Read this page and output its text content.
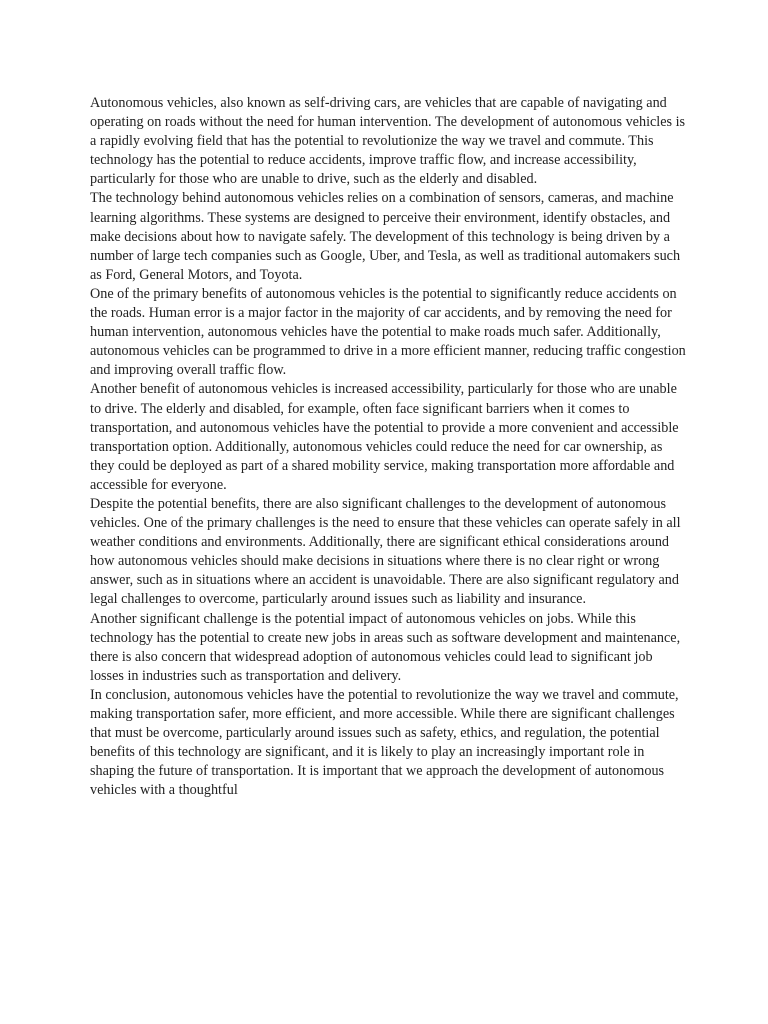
Autonomous vehicles, also known as self-driving cars, are vehicles that are capable of navigating and operating on roads without the need for human intervention. The development of autonomous vehicles is a rapidly evolving field that has the potential to revolutionize the way we travel and commute. This technology has the potential to reduce accidents, improve traffic flow, and increase accessibility, particularly for those who are unable to drive, such as the elderly and disabled.

The technology behind autonomous vehicles relies on a combination of sensors, cameras, and machine learning algorithms. These systems are designed to perceive their environment, identify obstacles, and make decisions about how to navigate safely. The development of this technology is being driven by a number of large tech companies such as Google, Uber, and Tesla, as well as traditional automakers such as Ford, General Motors, and Toyota.

One of the primary benefits of autonomous vehicles is the potential to significantly reduce accidents on the roads. Human error is a major factor in the majority of car accidents, and by removing the need for human intervention, autonomous vehicles have the potential to make roads much safer. Additionally, autonomous vehicles can be programmed to drive in a more efficient manner, reducing traffic congestion and improving overall traffic flow.

Another benefit of autonomous vehicles is increased accessibility, particularly for those who are unable to drive. The elderly and disabled, for example, often face significant barriers when it comes to transportation, and autonomous vehicles have the potential to provide a more convenient and accessible transportation option. Additionally, autonomous vehicles could reduce the need for car ownership, as they could be deployed as part of a shared mobility service, making transportation more affordable and accessible for everyone.

Despite the potential benefits, there are also significant challenges to the development of autonomous vehicles. One of the primary challenges is the need to ensure that these vehicles can operate safely in all weather conditions and environments. Additionally, there are significant ethical considerations around how autonomous vehicles should make decisions in situations where there is no clear right or wrong answer, such as in situations where an accident is unavoidable. There are also significant regulatory and legal challenges to overcome, particularly around issues such as liability and insurance.

Another significant challenge is the potential impact of autonomous vehicles on jobs. While this technology has the potential to create new jobs in areas such as software development and maintenance, there is also concern that widespread adoption of autonomous vehicles could lead to significant job losses in industries such as transportation and delivery.

In conclusion, autonomous vehicles have the potential to revolutionize the way we travel and commute, making transportation safer, more efficient, and more accessible. While there are significant challenges that must be overcome, particularly around issues such as safety, ethics, and regulation, the potential benefits of this technology are significant, and it is likely to play an increasingly important role in shaping the future of transportation. It is important that we approach the development of autonomous vehicles with a thoughtful
